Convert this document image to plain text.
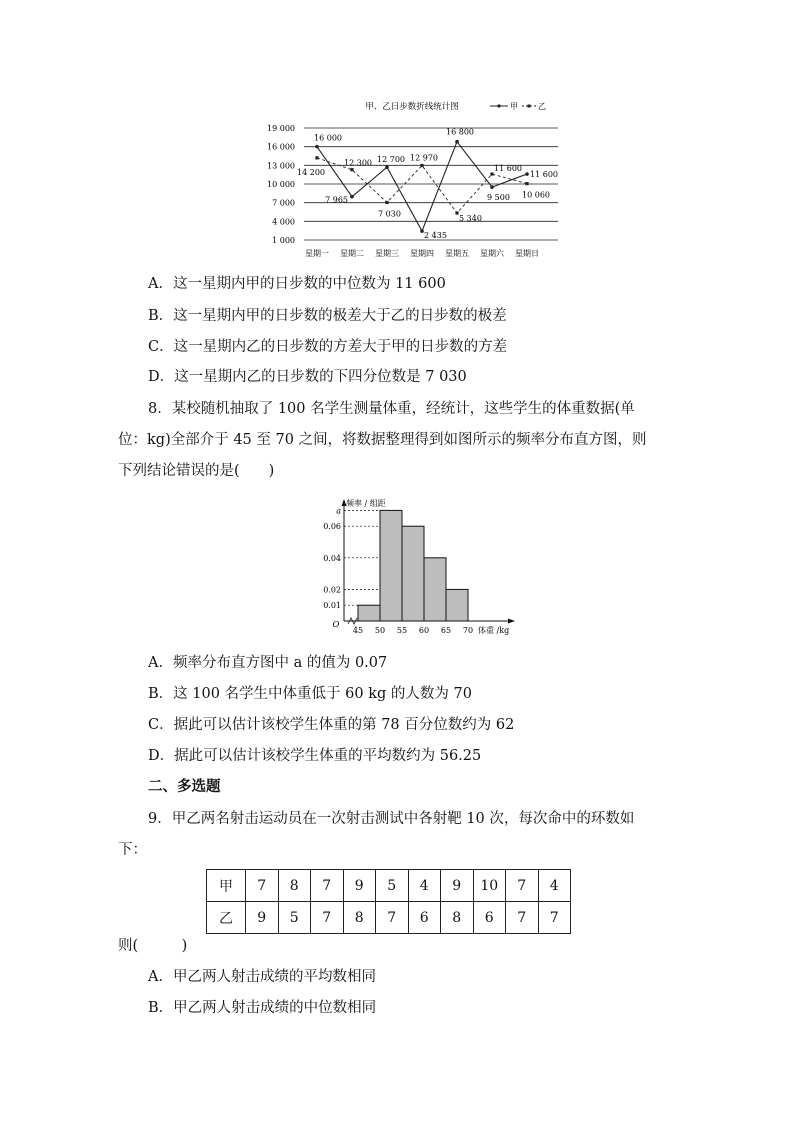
甲、乙日步数折线统计图	甲	乙
19 000
16 000
13 000
10 000
7 000
4 000
1 000
星期一 星期二 星期三 星期四 星期五 星期六 星期日
16 000
7 965
12 700
2 435
16 800
9 500
11 600
14 200
12 300
7 030
12 970
5 340
11 600
10 060
A．这一星期内甲的日步数的中位数为 11 600
B．这一星期内甲的日步数的极差大于乙的日步数的极差
C．这一星期内乙的日步数的方差大于甲的日步数的方差
D．这一星期内乙的日步数的下四分位数是 7 030
8．某校随机抽取了 100 名学生测量体重，经统计，这些学生的体重数据(单
位：kg)全部介于 45 至 70 之间，将数据整理得到如图所示的频率分布直方图，则
下列结论错误的是(　　)
a
0.06
0.04
0.02
0.01
45 50 55 60 65 70
O
频率 / 组距
体重 /kg
A．频率分布直方图中 a 的值为 0.07
B．这 100 名学生中体重低于 60 kg 的人数为 70
C．据此可以估计该校学生体重的第 78 百分位数约为 62
D．据此可以估计该校学生体重的平均数约为 56.25
二、多选题
9．甲乙两名射击运动员在一次射击测试中各射靶 10 次，每次命中的环数如
下：
甲	7	8	7	9	5	4	9	10	7	4
乙	9	5	7	8	7	6	8	6	7	7
则(　　　)
A．甲乙两人射击成绩的平均数相同
B．甲乙两人射击成绩的中位数相同
